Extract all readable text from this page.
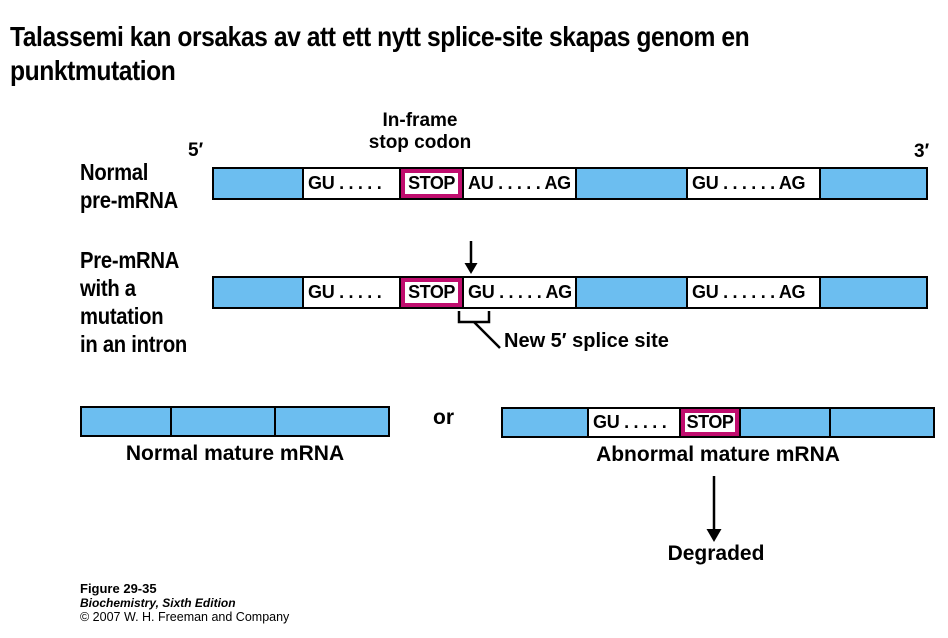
Talassemi kan orsakas av att ett nytt splice-site skapas genom en
punktmutation
In-frame
stop codon
5′	3′
Normal
pre-mRNA
GU . . . . .	STOP AU . . . . . AG	GU . . . . . . AG
Pre-mRNA
with a
mutation
in an intron
GU . . . . .	STOP GU . . . . . AG	GU . . . . . . AG
New 5′ splice site
Normal mature mRNA
or	GU . . . . .	STOP
Abnormal mature mRNA
Degraded
Figure 29-35
Biochemistry, Sixth Edition
© 2007 W. H. Freeman and Company
